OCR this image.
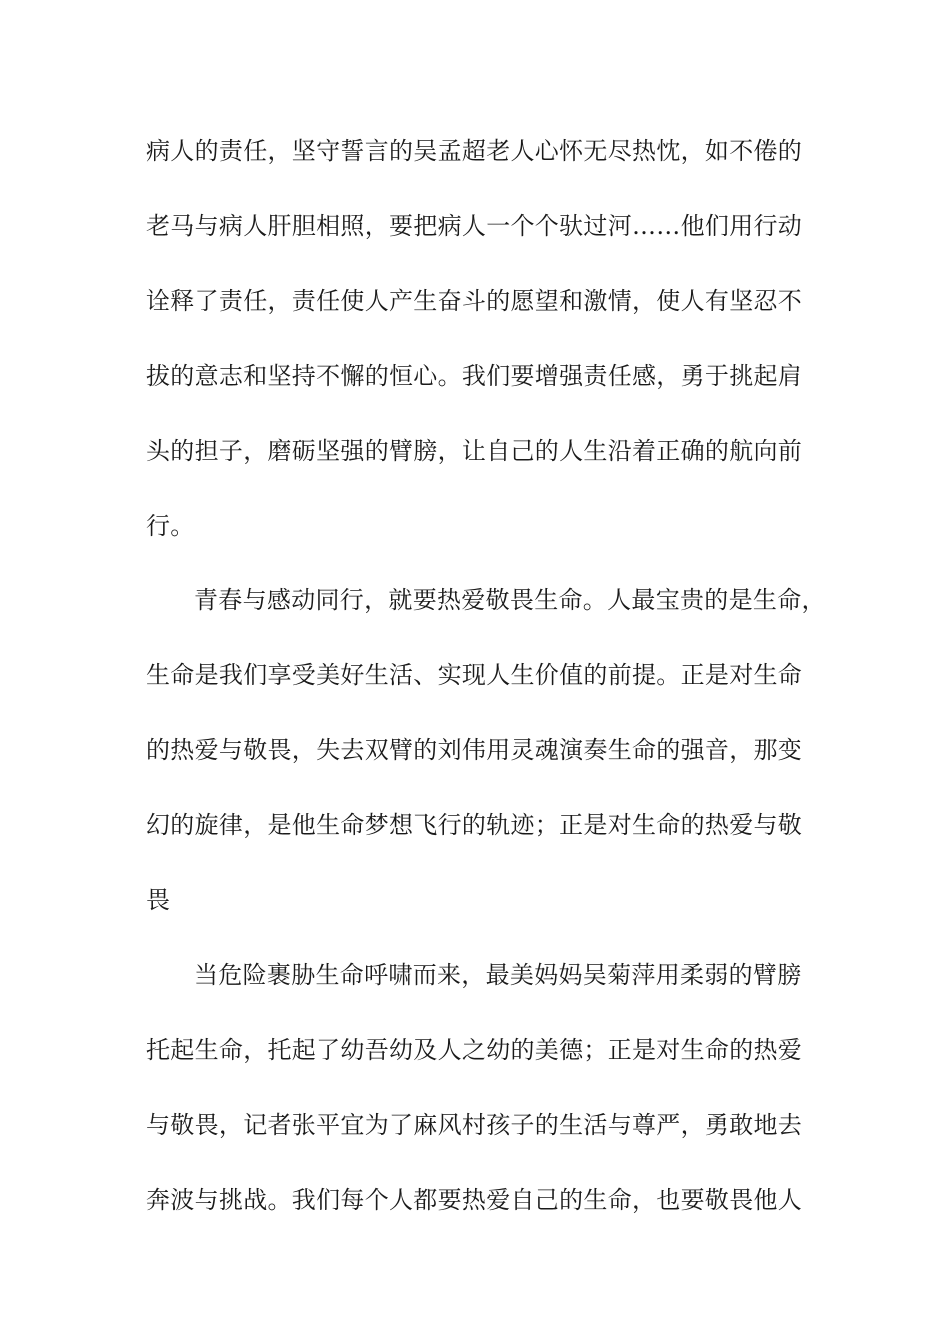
病人的责任，坚守誓言的吴孟超老人心怀无尽热忱，如不倦的
老马与病人肝胆相照，要把病人一个个驮过河……他们用行动
诠释了责任，责任使人产生奋斗的愿望和激情，使人有坚忍不
拔的意志和坚持不懈的恒心。我们要增强责任感，勇于挑起肩
头的担子，磨砺坚强的臂膀，让自己的人生沿着正确的航向前
行。
青春与感动同行，就要热爱敬畏生命。人最宝贵的是生命，
生命是我们享受美好生活、实现人生价值的前提。正是对生命
的热爱与敬畏，失去双臂的刘伟用灵魂演奏生命的强音，那变
幻的旋律，是他生命梦想飞行的轨迹；正是对生命的热爱与敬
畏
当危险裹胁生命呼啸而来，最美妈妈吴菊萍用柔弱的臂膀
托起生命，托起了幼吾幼及人之幼的美德；正是对生命的热爱
与敬畏，记者张平宜为了麻风村孩子的生活与尊严，勇敢地去
奔波与挑战。我们每个人都要热爱自己的生命，也要敬畏他人
